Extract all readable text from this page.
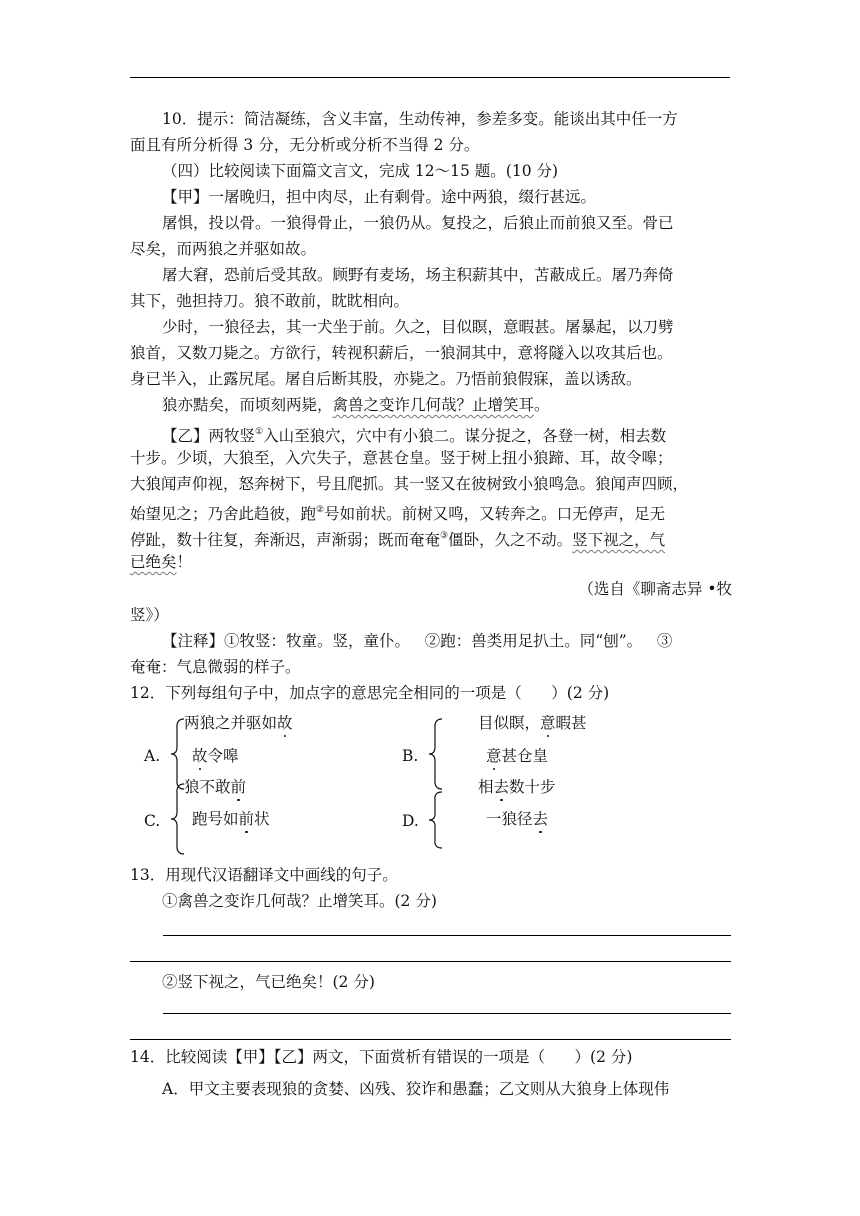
10．提示：简洁凝练，含义丰富，生动传神，参差多变。能谈出其中任一方
面且有所分析得 3 分，无分析或分析不当得 2 分。
（四）比较阅读下面篇文言文，完成 12～15 题。(10 分)
【甲】一屠晚归，担中肉尽，止有剩骨。途中两狼，缀行甚远。
屠惧，投以骨。一狼得骨止，一狼仍从。复投之，后狼止而前狼又至。骨已
尽矣，而两狼之并驱如故。
屠大窘，恐前后受其敌。顾野有麦场，场主积薪其中，苫蔽成丘。屠乃奔倚
其下，弛担持刀。狼不敢前，眈眈相向。
少时，一狼径去，其一犬坐于前。久之，目似瞑，意暇甚。屠暴起，以刀劈
狼首，又数刀毙之。方欲行，转视积薪后，一狼洞其中，意将隧入以攻其后也。
身已半入，止露尻尾。屠自后断其股，亦毙之。乃悟前狼假寐，盖以诱敌。
狼亦黠矣，而顷刻两毙，禽兽之变诈几何哉？止增笑耳。
【乙】两牧竖①入山至狼穴，穴中有小狼二。谋分捉之，各登一树，相去数
十步。少顷，大狼至，入穴失子，意甚仓皇。竖于树上扭小狼蹄、耳，故令嗥；
大狼闻声仰视，怒奔树下，号且爬抓。其一竖又在彼树致小狼鸣急。狼闻声四顾，
始望见之；乃舍此趋彼，跑②号如前状。前树又鸣，又转奔之。口无停声，足无
停趾，数十往复，奔渐迟，声渐弱；既而奄奄③僵卧，久之不动。竖下视之，气
已绝矣！
（选自《聊斋志异 •牧
竖》）
【注释】①牧竖：牧童。竖，童仆。   ②跑：兽类用足扒土。同“刨”。   ③
奄奄：气息微弱的样子。
12．下列每组句子中，加点字的意思完全相同的一项是（      ）(2 分)
A.
两狼之并驱如故
故令嗥	B.
目似瞑，意暇甚
意甚仓皇
C.
狼不敢前
跑号如前状	D.
相去数十步
一狼径去
13．用现代汉语翻译文中画线的句子。
①禽兽之变诈几何哉？止增笑耳。(2 分)
②竖下视之，气已绝矣！(2 分)
14．比较阅读【甲】【乙】两文，下面赏析有错误的一项是（      ）(2 分)
A．甲文主要表现狼的贪婪、凶残、狡诈和愚蠢；乙文则从大狼身上体现伟
